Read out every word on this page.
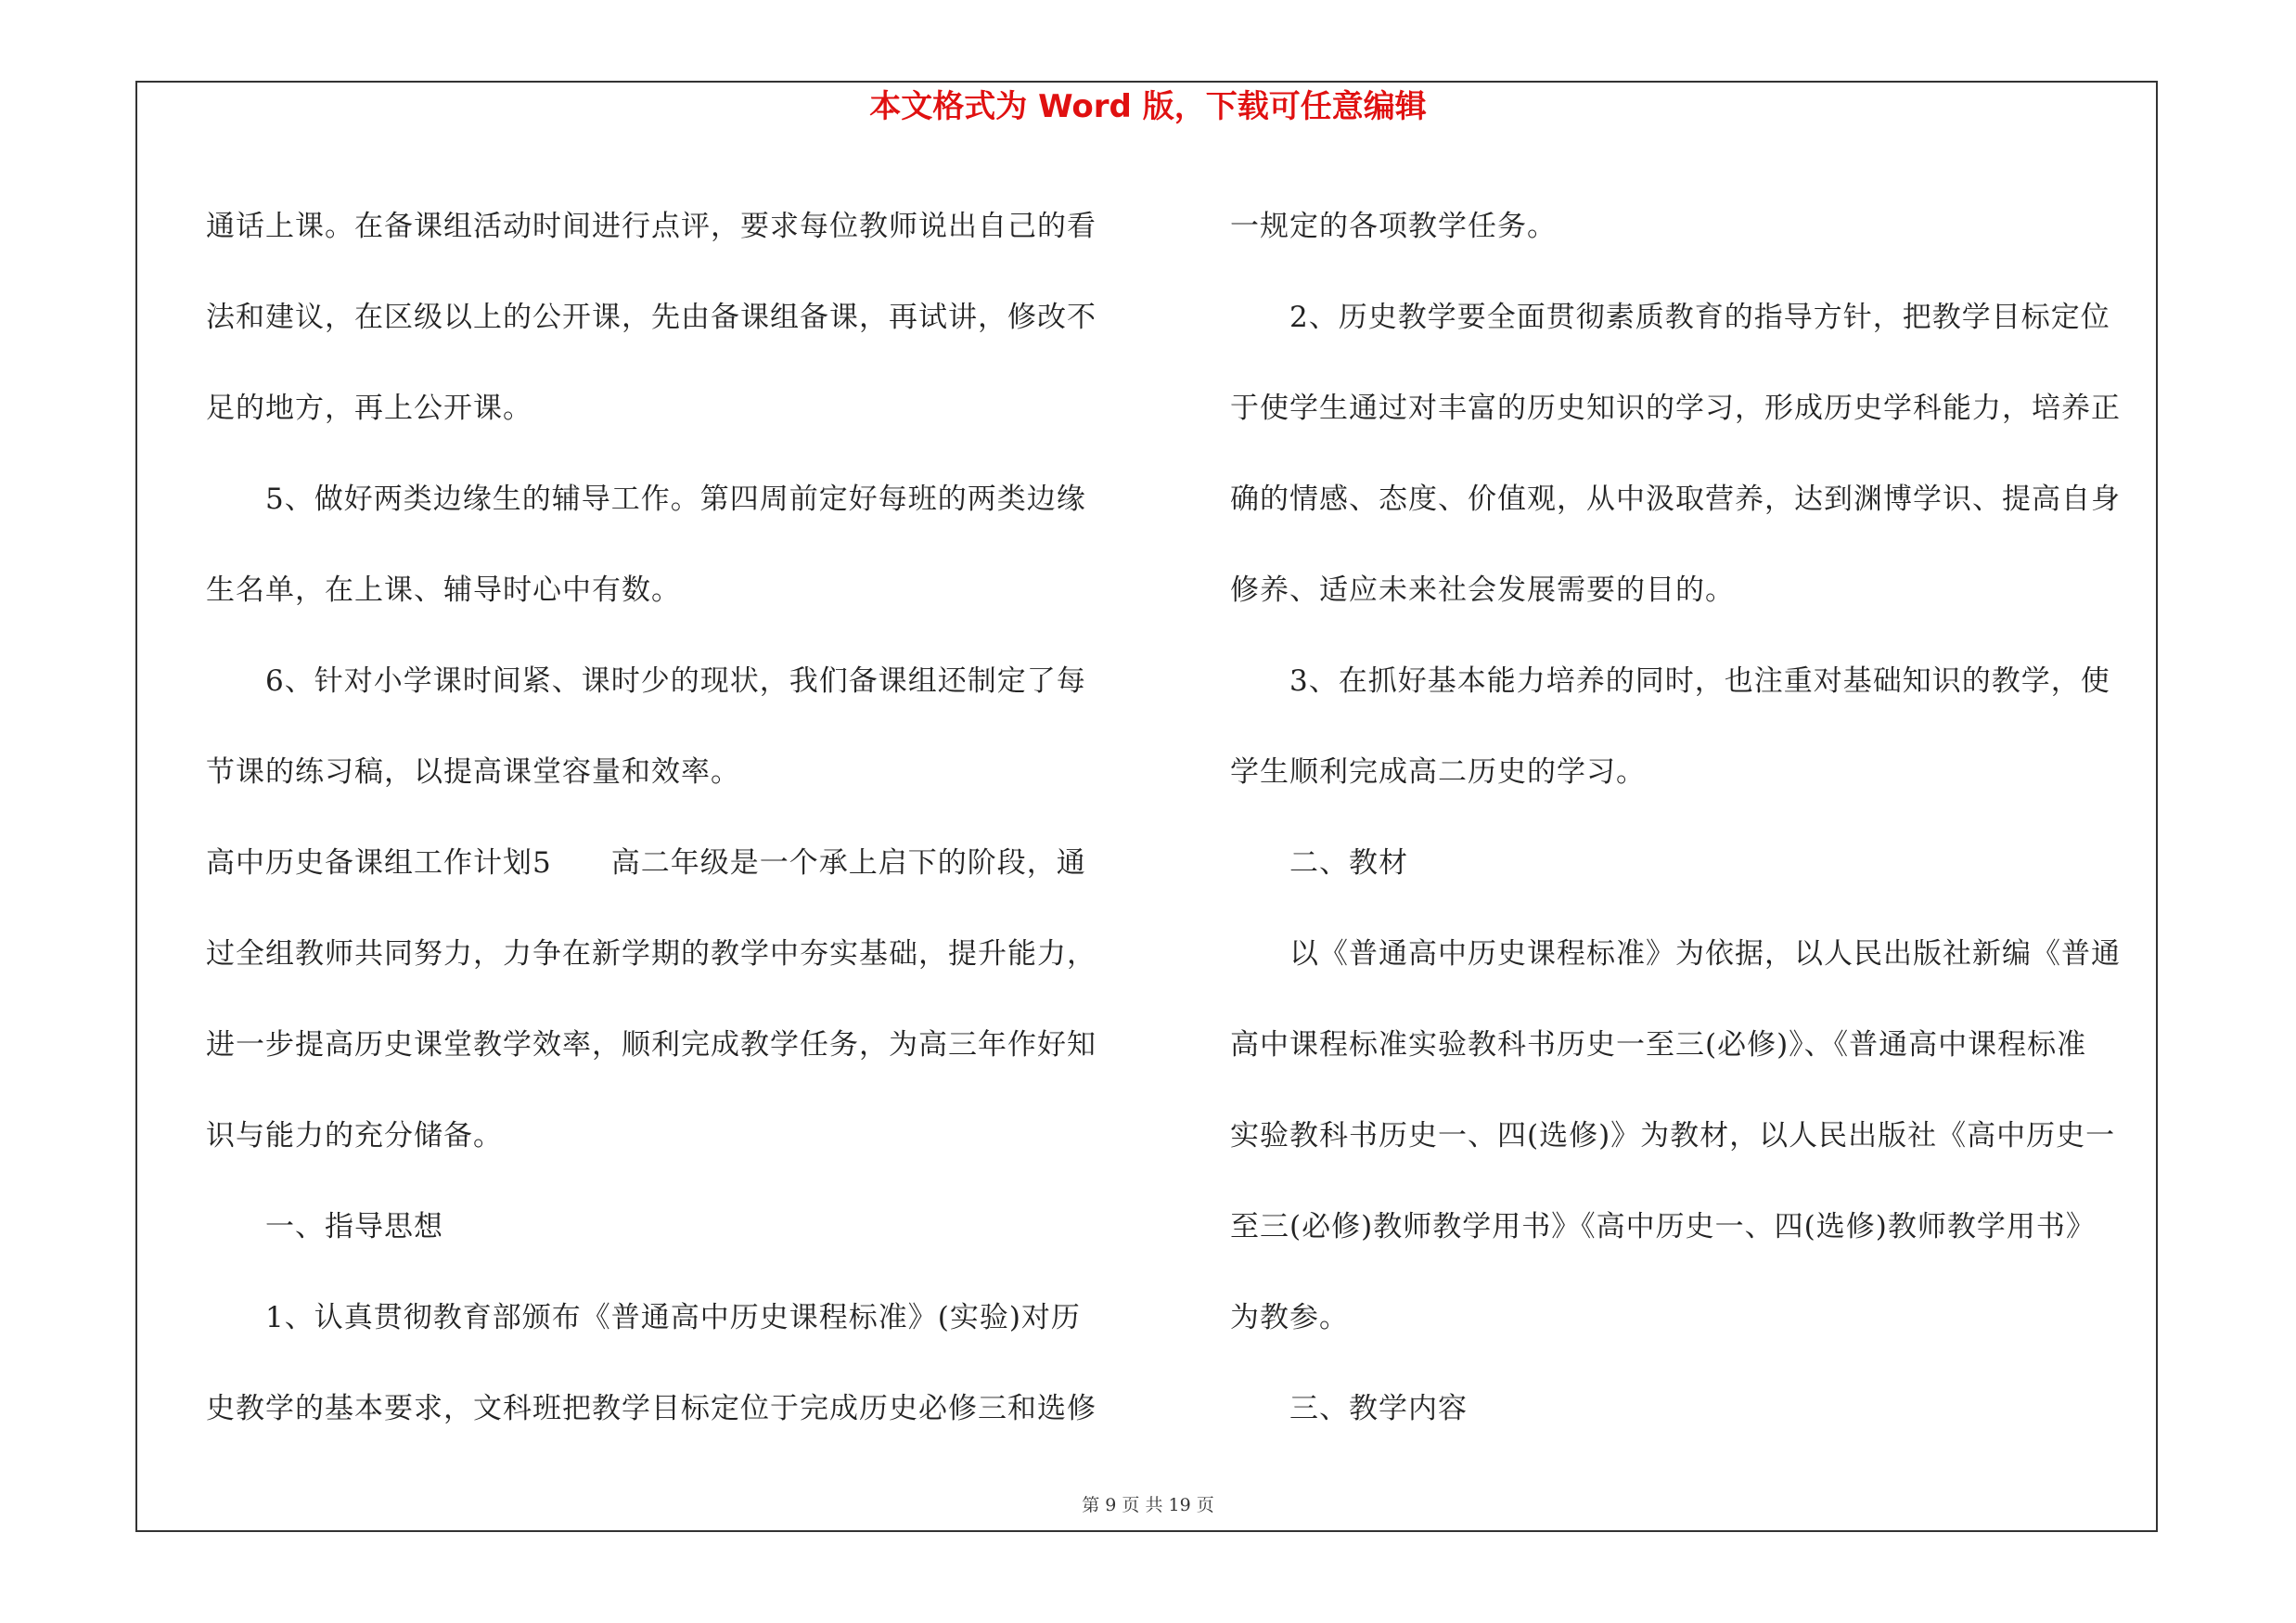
本文格式为 Word 版，下载可任意编辑
通话上课。在备课组活动时间进行点评，要求每位教师说出自己的看
法和建议，在区级以上的公开课，先由备课组备课，再试讲，修改不
足的地方，再上公开课。
5、做好两类边缘生的辅导工作。第四周前定好每班的两类边缘
生名单，在上课、辅导时心中有数。
6、针对小学课时间紧、课时少的现状，我们备课组还制定了每
节课的练习稿，以提高课堂容量和效率。
高中历史备课组工作计划5　　高二年级是一个承上启下的阶段，通
过全组教师共同努力，力争在新学期的教学中夯实基础，提升能力，
进一步提高历史课堂教学效率，顺利完成教学任务，为高三年作好知
识与能力的充分储备。
一、指导思想
1、认真贯彻教育部颁布《普通高中历史课程标准》(实验)对历
史教学的基本要求，文科班把教学目标定位于完成历史必修三和选修
一规定的各项教学任务。
2、历史教学要全面贯彻素质教育的指导方针，把教学目标定位
于使学生通过对丰富的历史知识的学习，形成历史学科能力，培养正
确的情感、态度、价值观，从中汲取营养，达到渊博学识、提高自身
修养、适应未来社会发展需要的目的。
3、在抓好基本能力培养的同时，也注重对基础知识的教学，使
学生顺利完成高二历史的学习。
二、教材
以《普通高中历史课程标准》为依据，以人民出版社新编《普通
高中课程标准实验教科书历史一至三(必修)》、《普通高中课程标准
实验教科书历史一、四(选修)》为教材，以人民出版社《高中历史一
至三(必修)教师教学用书》《高中历史一、四(选修)教师教学用书》
为教参。
三、教学内容
第 9 页 共 19 页
